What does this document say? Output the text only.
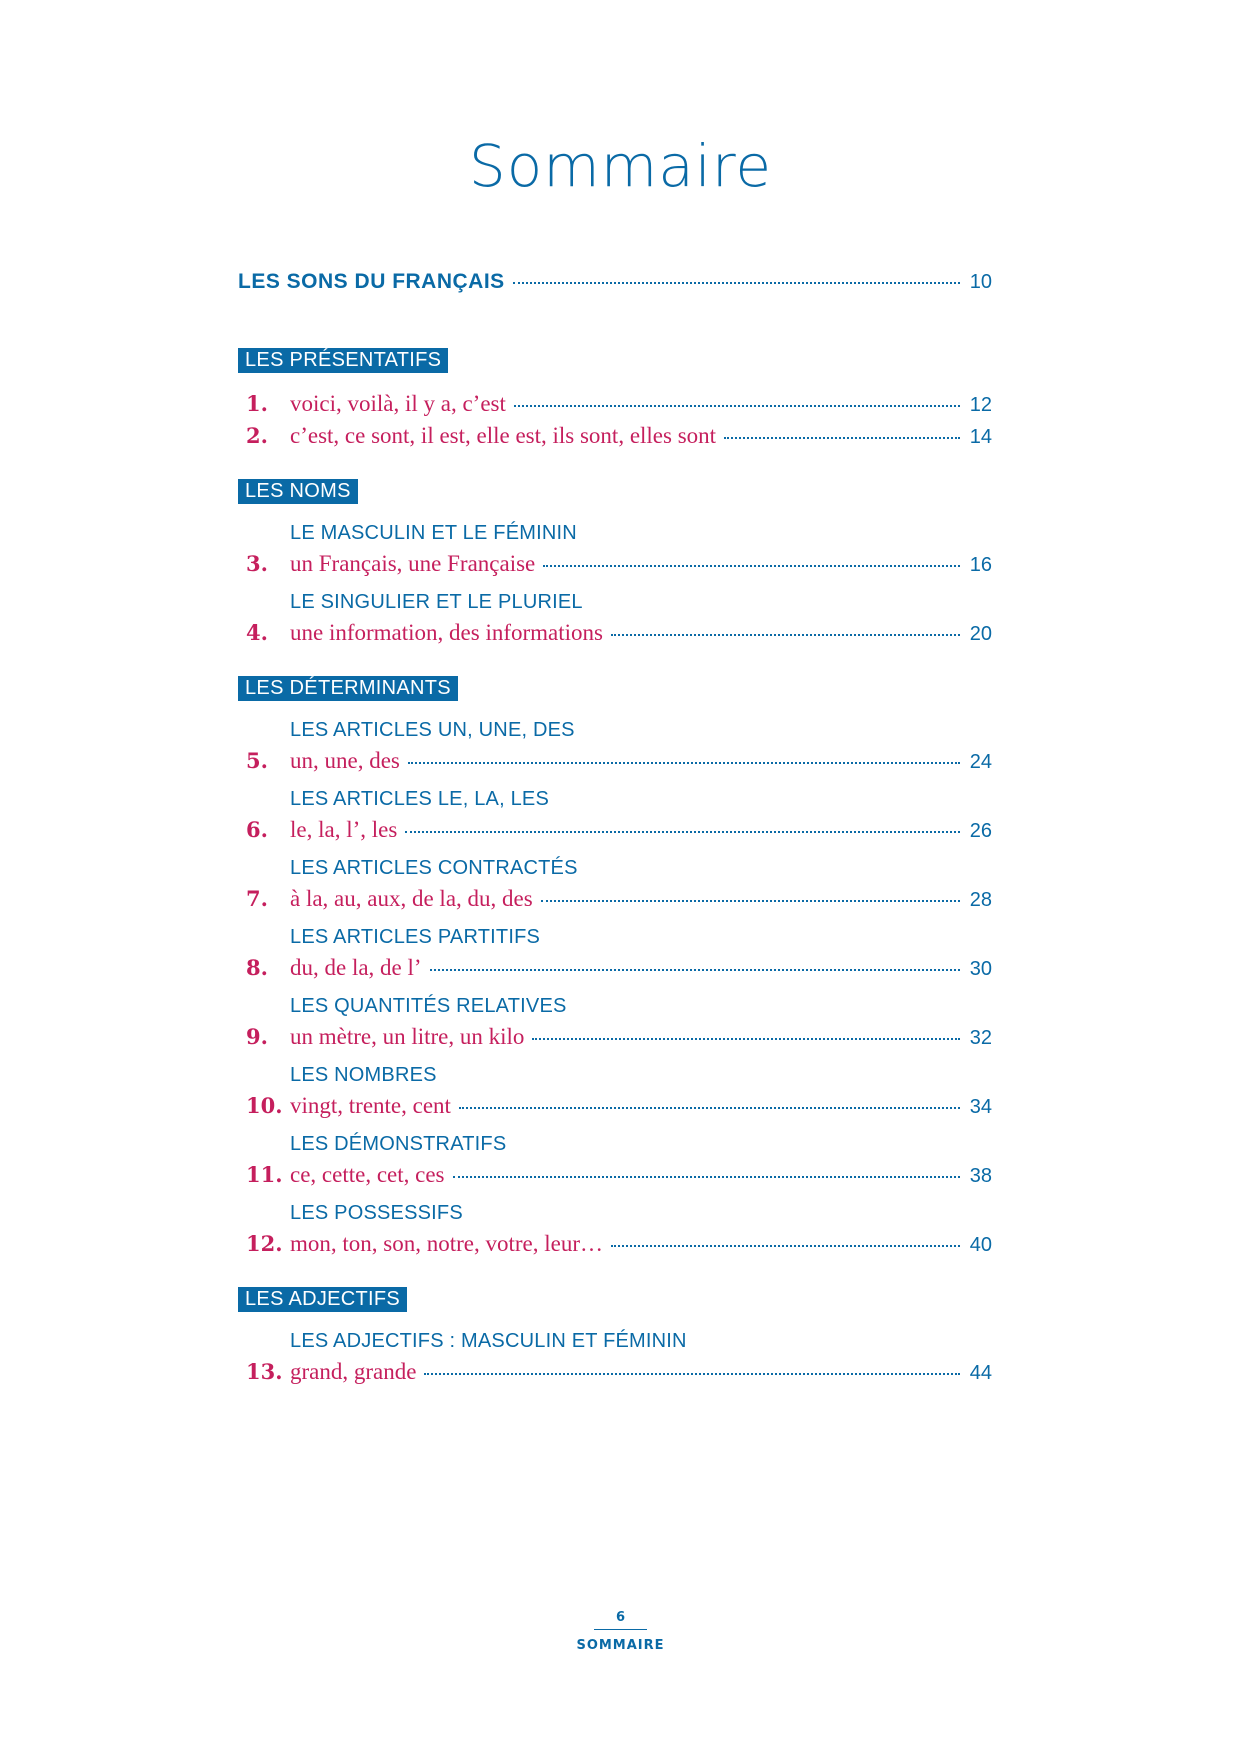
Sommaire
LES SONS DU FRANÇAIS	10
LES PRÉSENTATIFS
1. voici, voilà, il y a, c’est	12
2. c’est, ce sont, il est, elle est, ils sont, elles sont	14
LES NOMS
LE MASCULIN ET LE FÉMININ
3. un Français, une Française	16
LE SINGULIER ET LE PLURIEL
4. une information, des informations	20
LES DÉTERMINANTS
LES ARTICLES UN, UNE, DES
5. un, une, des	24
LES ARTICLES LE, LA, LES
6. le, la, l’, les	26
LES ARTICLES CONTRACTÉS
7. à la, au, aux, de la, du, des	28
LES ARTICLES PARTITIFS
8. du, de la, de l’	30
LES QUANTITÉS RELATIVES
9. un mètre, un litre, un kilo	32
LES NOMBRES
10. vingt, trente, cent	34
LES DÉMONSTRATIFS
11. ce, cette, cet, ces	38
LES POSSESSIFS
12. mon, ton, son, notre, votre, leur…	40
LES ADJECTIFS
LES ADJECTIFS : MASCULIN ET FÉMININ
13. grand, grande	44
6
SOMMAIRE
